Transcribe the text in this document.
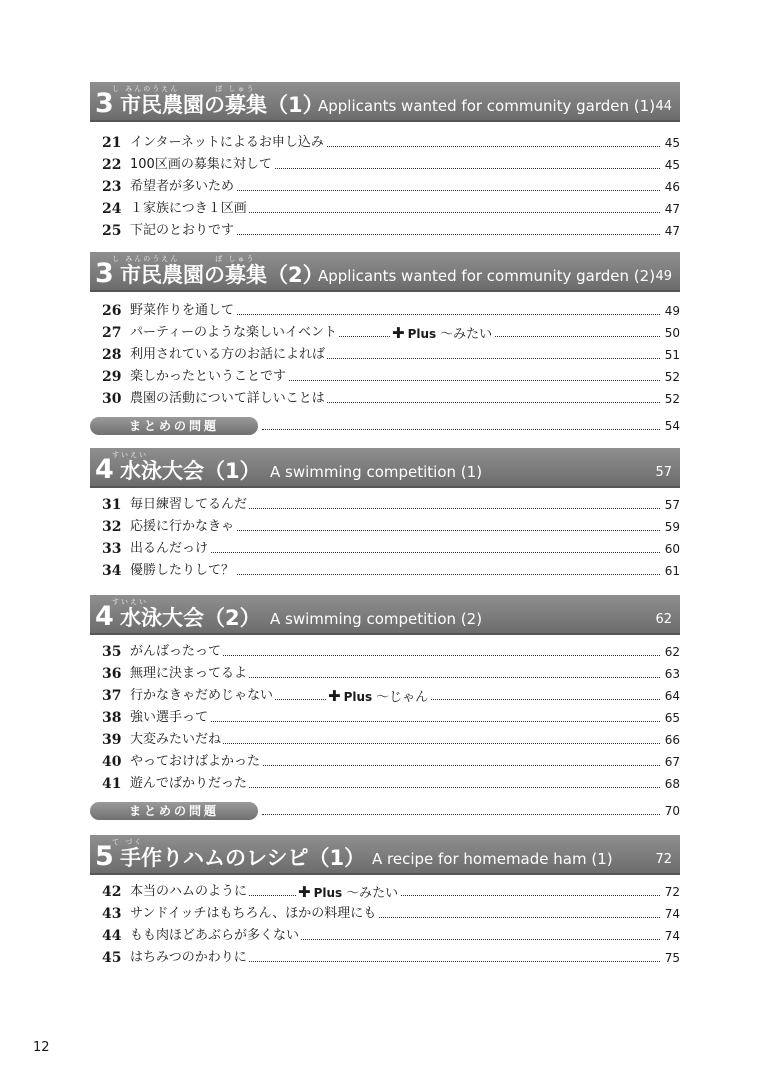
し みんのうえん　　　　ぼ しゅう
3 市民農園の募集（1）
Applicants wanted for community garden (1) 44
21 インターネットによるお申し込み	45
22 100区画の募集に対して	45
23 希望者が多いため	46
24 １家族につき１区画	47
25 下記のとおりです	47
し みんのうえん　　　　ぼ しゅう
3 市民農園の募集（2）
Applicants wanted for community garden (2) 49
26 野菜作りを通して	49
27 パーティーのような楽しいイベント	✚ Plus ～みたい	50
28 利用されている方のお話によれば	51
29 楽しかったということです	52
30 農園の活動について詳しいことは	52
まとめの問題	54
すいえい
4 水泳大会（1） A swimming competition (1)	57
31 毎日練習してるんだ	57
32 応援に行かなきゃ	59
33 出るんだっけ	60
34 優勝したりして？	61
すいえい
4 水泳大会（2） A swimming competition (2)	62
35 がんばったって	62
36 無理に決まってるよ	63
37 行かなきゃだめじゃない	✚ Plus ～じゃん	64
38 強い選手って	65
39 大変みたいだね	66
40 やっておけばよかった	67
41 遊んでばかりだった	68
まとめの問題	70
て づく
5 手作りハムのレシピ（1） A recipe for homemade ham (1)	72
42 本当のハムのように	✚ Plus ～みたい	72
43 サンドイッチはもちろん、ほかの料理にも	74
44 もも肉ほどあぶらが多くない	74
45 はちみつのかわりに	75
12
